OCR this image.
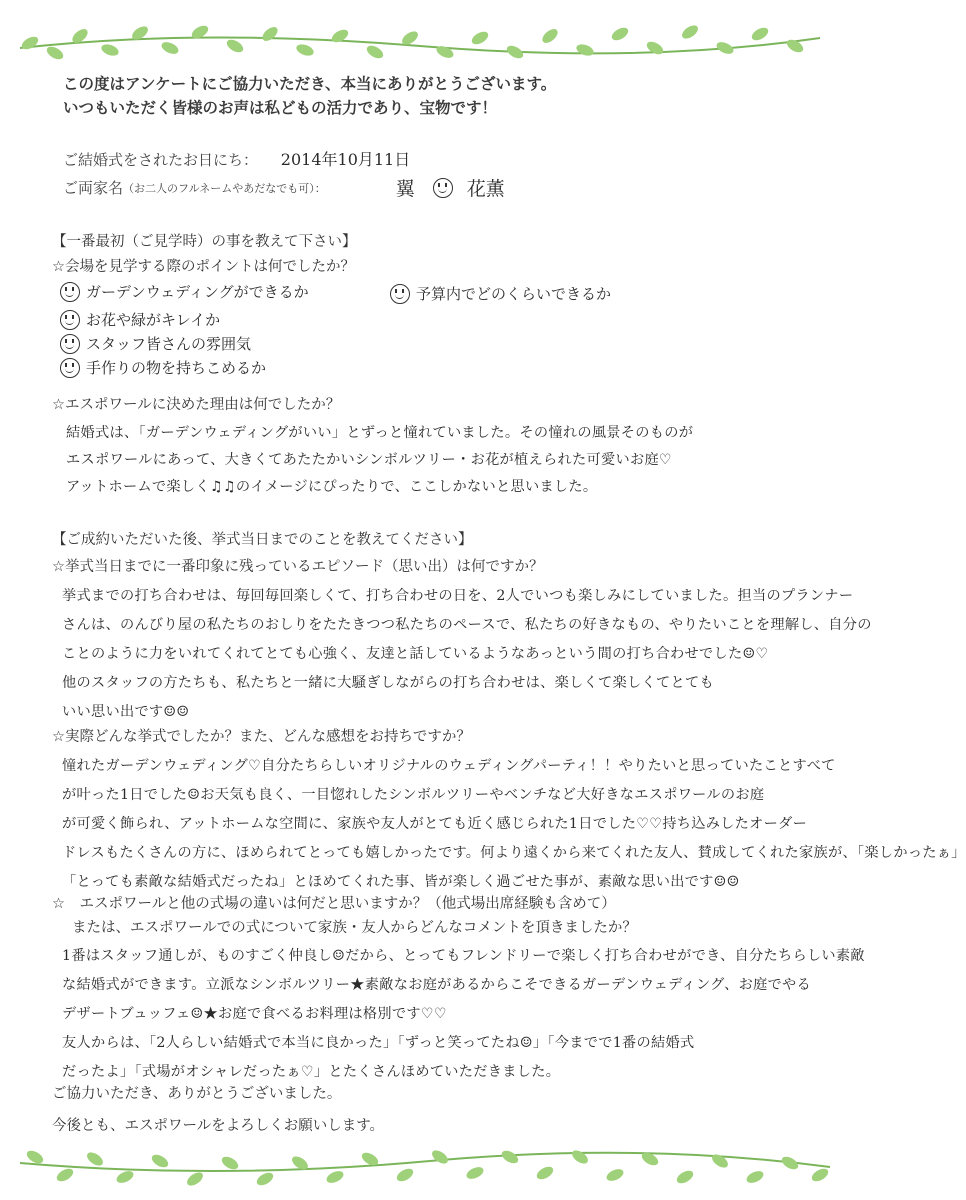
この度はアンケートにご協力いただき、本当にありがとうございます。
いつもいただく皆様のお声は私どもの活力であり、宝物です！
ご結婚式をされたお日にち： 2014年10月11日
ご両家名 （お二人のフルネームやあだなでも可）：	翼	花薫
【一番最初（ご見学時）の事を教えて下さい】
☆会場を見学する際のポイントは何でしたか？
ガーデンウェディングができるか
お花や緑がキレイか
スタッフ皆さんの雰囲気
手作りの物を持ちこめるか
予算内でどのくらいできるか
☆エスポワールに決めた理由は何でしたか？
結婚式は、「ガーデンウェディングがいい」とずっと憧れていました。その憧れの風景そのものが
エスポワールにあって、大きくてあたたかいシンボルツリー・お花が植えられた可愛いお庭♡
アットホームで楽しく♫♫のイメージにぴったりで、ここしかないと思いました。
【ご成約いただいた後、挙式当日までのことを教えてください】
☆挙式当日までに一番印象に残っているエピソード（思い出）は何ですか？
挙式までの打ち合わせは、毎回毎回楽しくて、打ち合わせの日を、2人でいつも楽しみにしていました。担当のプランナー
さんは、のんびり屋の私たちのおしりをたたきつつ私たちのペースで、私たちの好きなもの、やりたいことを理解し、自分の
ことのように力をいれてくれてとても心強く、友達と話しているようなあっという間の打ち合わせでした☺♡
他のスタッフの方たちも、私たちと一緒に大騒ぎしながらの打ち合わせは、楽しくて楽しくてとても
いい思い出です☺☺
☆実際どんな挙式でしたか？また、どんな感想をお持ちですか？
憧れたガーデンウェディング♡自分たちらしいオリジナルのウェディングパーティ！！やりたいと思っていたことすべて
が叶った1日でした☺お天気も良く、一目惚れしたシンボルツリーやベンチなど大好きなエスポワールのお庭
が可愛く飾られ、アットホームな空間に、家族や友人がとても近く感じられた1日でした♡♡持ち込みしたオーダー
ドレスもたくさんの方に、ほめられてとっても嬉しかったです。何より遠くから来てくれた友人、賛成してくれた家族が、「楽しかったぁ」
「とっても素敵な結婚式だったね」とほめてくれた事、皆が楽しく過ごせた事が、素敵な思い出です☺☺
☆　エスポワールと他の式場の違いは何だと思いますか？（他式場出席経験も含めて）
または、エスポワールでの式について家族・友人からどんなコメントを頂きましたか？
1番はスタッフ通しが、ものすごく仲良し☺だから、とってもフレンドリーで楽しく打ち合わせができ、自分たちらしい素敵
な結婚式ができます。立派なシンボルツリー★素敵なお庭があるからこそできるガーデンウェディング、お庭でやる
デザートブュッフェ☺★お庭で食べるお料理は格別です♡♡
友人からは、「2人らしい結婚式で本当に良かった」「ずっと笑ってたね☺」「今までで1番の結婚式
だったよ」「式場がオシャレだったぁ♡」とたくさんほめていただきました。
ご協力いただき、ありがとうございました。
今後とも、エスポワールをよろしくお願いします。
